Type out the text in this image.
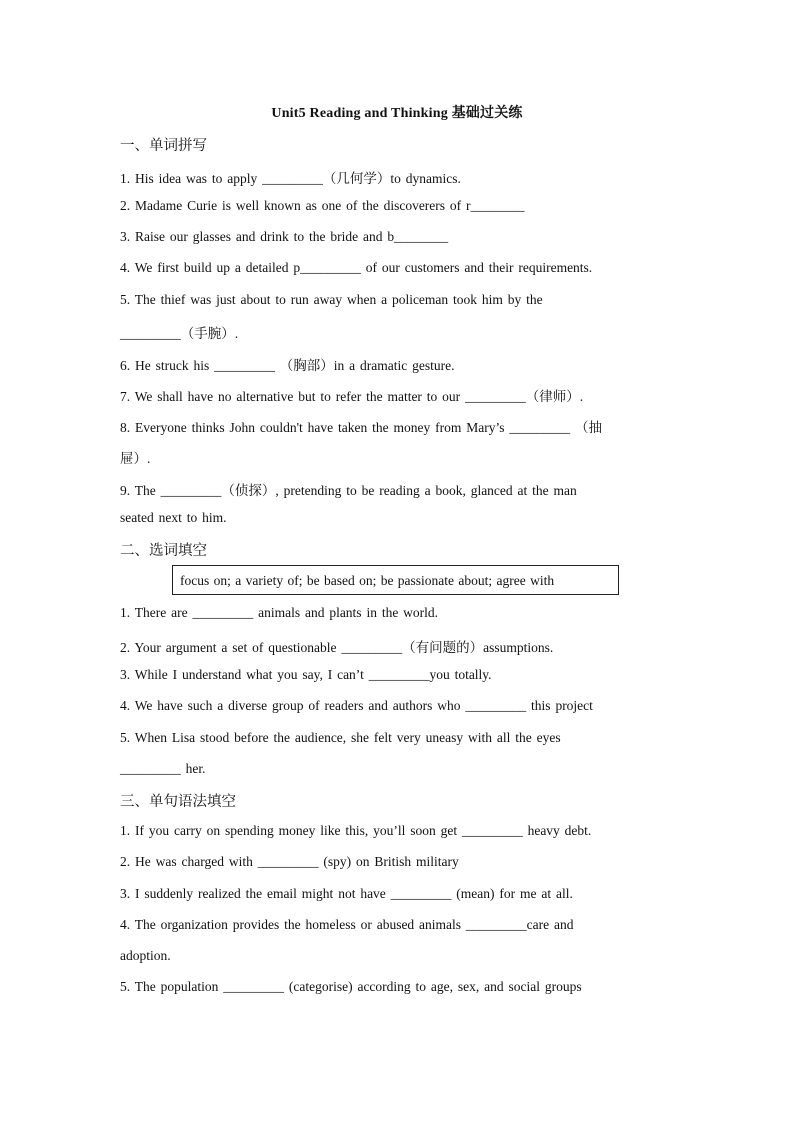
Unit5 Reading and Thinking 基础过关练
一、单词拼写
1. His idea was to apply _________（几何学）to dynamics.
2. Madame Curie is well known as one of the discoverers of r________
3. Raise our glasses and drink to the bride and b________
4. We first build up a detailed p_________ of our customers and their requirements.
5. The thief was just about to run away when a policeman took him by the
_________（手腕）.
6. He struck his _________ （胸部）in a dramatic gesture.
7. We shall have no alternative but to refer the matter to our _________（律师）.
8. Everyone thinks John couldn't have taken the money from Mary’s _________ （抽
屉）.
9. The _________（侦探）, pretending to be reading a book, glanced at the man
seated next to him.
二、选词填空
focus on; a variety of; be based on; be passionate about; agree with
1. There are _________ animals and plants in the world.
2. Your argument a set of questionable _________（有问题的）assumptions.
3. While I understand what you say, I can’t _________you totally.
4. We have such a diverse group of readers and authors who _________ this project
5. When Lisa stood before the audience, she felt very uneasy with all the eyes
_________ her.
三、单句语法填空
1. If you carry on spending money like this, you’ll soon get _________ heavy debt.
2. He was charged with _________ (spy) on British military
3. I suddenly realized the email might not have _________ (mean) for me at all.
4. The organization provides the homeless or abused animals _________care and
adoption.
5. The population _________ (categorise) according to age, sex, and social groups
